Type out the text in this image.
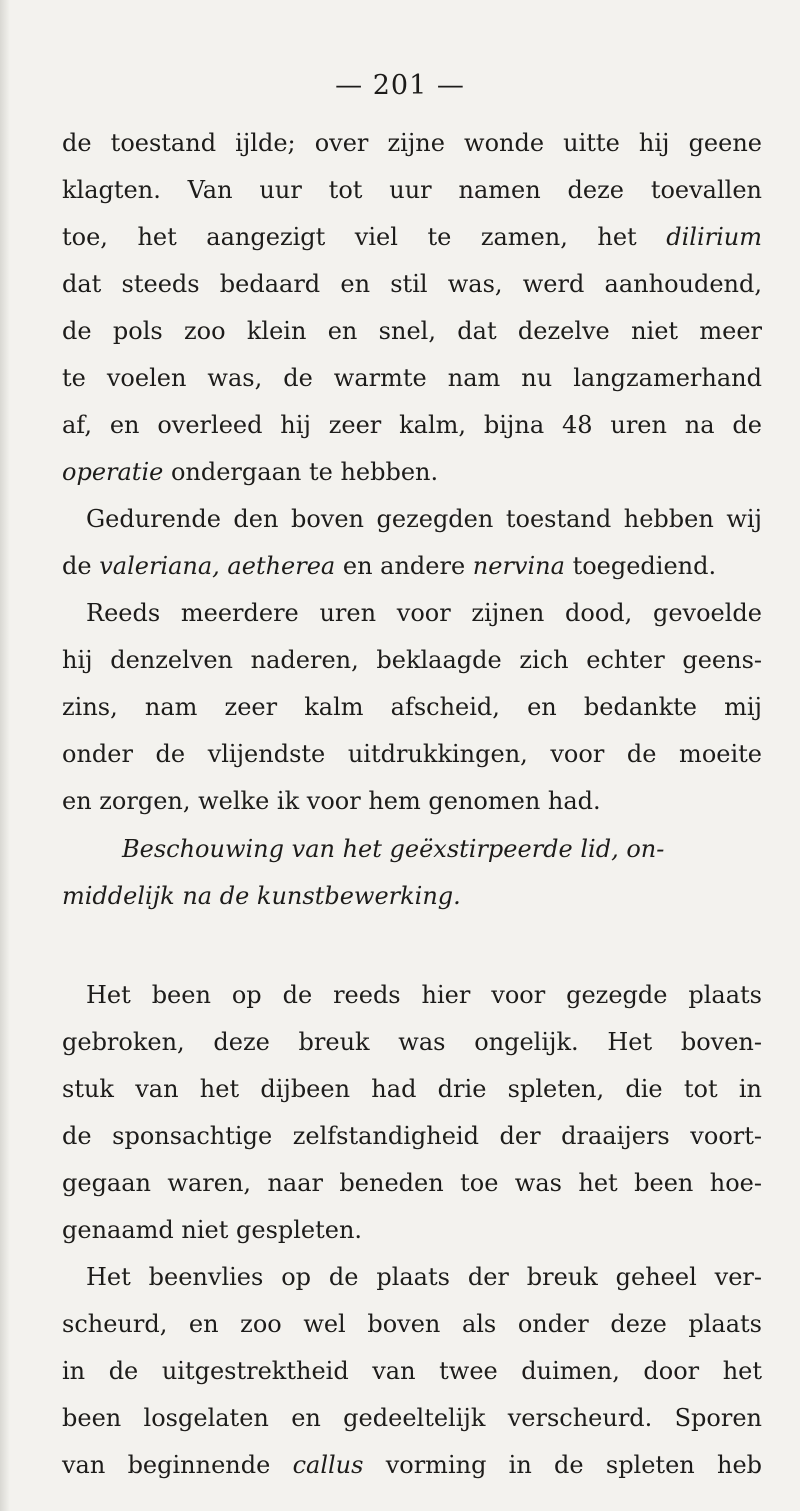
— 201 —
de toestand ijlde; over zijne wonde uitte hij geene
klagten. Van uur tot uur namen deze toevallen
toe, het aangezigt viel te zamen, het dilirium
dat steeds bedaard en stil was, werd aanhoudend,
de pols zoo klein en snel, dat dezelve niet meer
te voelen was, de warmte nam nu langzamerhand
af, en overleed hij zeer kalm, bijna 48 uren na de
operatie ondergaan te hebben.
Gedurende den boven gezegden toestand hebben wij
de valeriana, aetherea en andere nervina toegediend.
Reeds meerdere uren voor zijnen dood, gevoelde
hij denzelven naderen, beklaagde zich echter geens-
zins, nam zeer kalm afscheid, en bedankte mij
onder de vlijendste uitdrukkingen, voor de moeite
en zorgen, welke ik voor hem genomen had.
Beschouwing van het geëxstirpeerde lid, on-
middelijk na de kunstbewerking.
Het been op de reeds hier voor gezegde plaats
gebroken, deze breuk was ongelijk. Het boven-
stuk van het dijbeen had drie spleten, die tot in
de sponsachtige zelfstandigheid der draaijers voort-
gegaan waren, naar beneden toe was het been hoe-
genaamd niet gespleten.
Het beenvlies op de plaats der breuk geheel ver-
scheurd, en zoo wel boven als onder deze plaats
in de uitgestrektheid van twee duimen, door het
been losgelaten en gedeeltelijk verscheurd. Sporen
van beginnende callus vorming in de spleten heb
